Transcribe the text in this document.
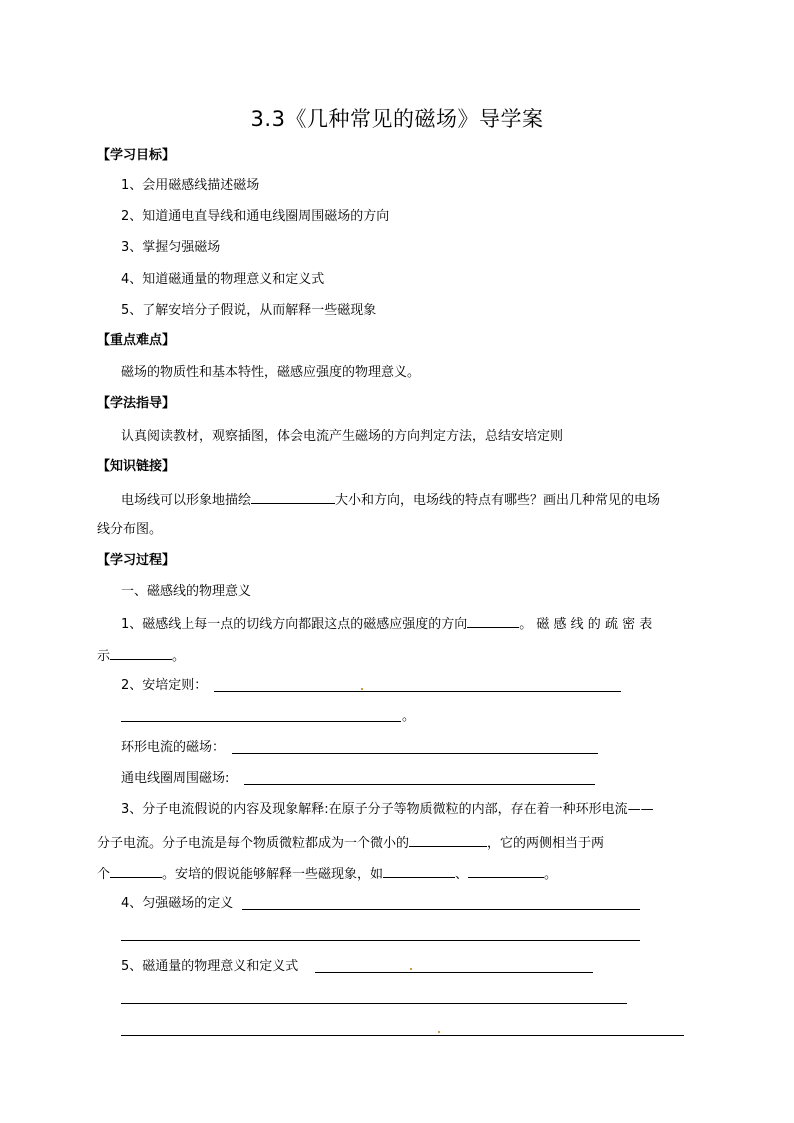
3.3《几种常见的磁场》导学案
【学习目标】
1、会用磁感线描述磁场
2、知道通电直导线和通电线圈周围磁场的方向
3、掌握匀强磁场
4、知道磁通量的物理意义和定义式
5、了解安培分子假说，从而解释一些磁现象
【重点难点】
磁场的物质性和基本特性，磁感应强度的物理意义。
【学法指导】
认真阅读教材，观察插图，体会电流产生磁场的方向判定方法，总结安培定则
【知识链接】
电场线可以形象地描绘	大小和方向，电场线的特点有哪些？画出几种常见的电场
线分布图。
【学习过程】
一、磁感线的物理意义
1、磁感线上每一点的切线方向都跟这点的磁感应强度的方向	。 磁 感 线 的 疏 密 表
示	。
2、安培定则：
。
环形电流的磁场：
通电线圈周围磁场:
3、分子电流假说的内容及现象解释:在原子分子等物质微粒的内部，存在着一种环形电流——
分子电流。分子电流是每个物质微粒都成为一个微小的	，它的两侧相当于两
个	。安培的假说能够解释一些磁现象，如	、	。
4、匀强磁场的定义
5、磁通量的物理意义和定义式
